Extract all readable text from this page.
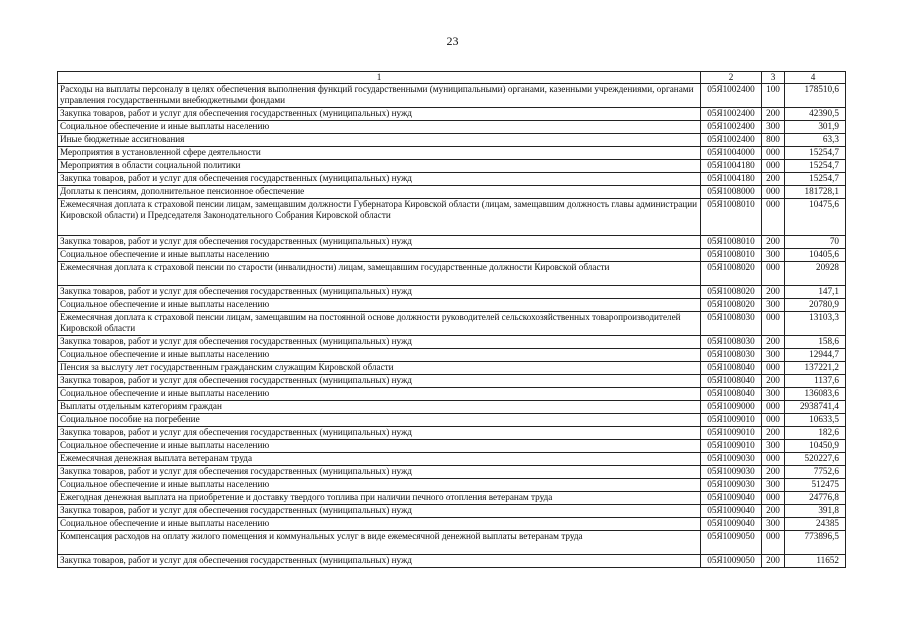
23
1	2	3	4
Расходы на выплаты персоналу в целях обеспечения выполнения функций государственными (муниципальными) органами, казенными учреждениями, органами управления государственными внебюджетными фондами	05Я1002400	100	178510,6
Закупка товаров, работ и услуг для обеспечения государственных (муниципальных) нужд	05Я1002400	200	42390,5
Социальное обеспечение и иные выплаты населению	05Я1002400	300	301,9
Иные бюджетные ассигнования	05Я1002400	800	63,3
Мероприятия в установленной сфере деятельности	05Я1004000	000	15254,7
Мероприятия в области социальной политики	05Я1004180	000	15254,7
Закупка товаров, работ и услуг для обеспечения государственных (муниципальных) нужд	05Я1004180	200	15254,7
Доплаты к пенсиям, дополнительное пенсионное обеспечение	05Я1008000	000	181728,1
Ежемесячная доплата к страховой пенсии лицам, замещавшим должности Губернатора Кировской области (лицам, замещавшим должность главы администрации Кировской области) и Председателя Законодательного Собрания Кировской области	05Я1008010	000	10475,6
Закупка товаров, работ и услуг для обеспечения государственных (муниципальных) нужд	05Я1008010	200	70
Социальное обеспечение и иные выплаты населению	05Я1008010	300	10405,6
Ежемесячная доплата к страховой пенсии по старости (инвалидности) лицам, замещавшим государственные должности Кировской области	05Я1008020	000	20928
Закупка товаров, работ и услуг для обеспечения государственных (муниципальных) нужд	05Я1008020	200	147,1
Социальное обеспечение и иные выплаты населению	05Я1008020	300	20780,9
Ежемесячная доплата к страховой пенсии лицам, замещавшим на постоянной основе должности руководителей сельскохозяйственных товаропроизводителей Кировской области	05Я1008030	000	13103,3
Закупка товаров, работ и услуг для обеспечения государственных (муниципальных) нужд	05Я1008030	200	158,6
Социальное обеспечение и иные выплаты населению	05Я1008030	300	12944,7
Пенсия за выслугу лет государственным гражданским служащим Кировской области	05Я1008040	000	137221,2
Закупка товаров, работ и услуг для обеспечения государственных (муниципальных) нужд	05Я1008040	200	1137,6
Социальное обеспечение и иные выплаты населению	05Я1008040	300	136083,6
Выплаты отдельным категориям граждан	05Я1009000	000	2938741,4
Социальное пособие на погребение	05Я1009010	000	10633,5
Закупка товаров, работ и услуг для обеспечения государственных (муниципальных) нужд	05Я1009010	200	182,6
Социальное обеспечение и иные выплаты населению	05Я1009010	300	10450,9
Ежемесячная денежная выплата ветеранам труда	05Я1009030	000	520227,6
Закупка товаров, работ и услуг для обеспечения государственных (муниципальных) нужд	05Я1009030	200	7752,6
Социальное обеспечение и иные выплаты населению	05Я1009030	300	512475
Ежегодная денежная выплата на приобретение и доставку твердого топлива при наличии печного отопления ветеранам труда	05Я1009040	000	24776,8
Закупка товаров, работ и услуг для обеспечения государственных (муниципальных) нужд	05Я1009040	200	391,8
Социальное обеспечение и иные выплаты населению	05Я1009040	300	24385
Компенсация расходов на оплату жилого помещения и коммунальных услуг в виде ежемесячной денежной выплаты ветеранам труда	05Я1009050	000	773896,5
Закупка товаров, работ и услуг для обеспечения государственных (муниципальных) нужд	05Я1009050	200	11652
